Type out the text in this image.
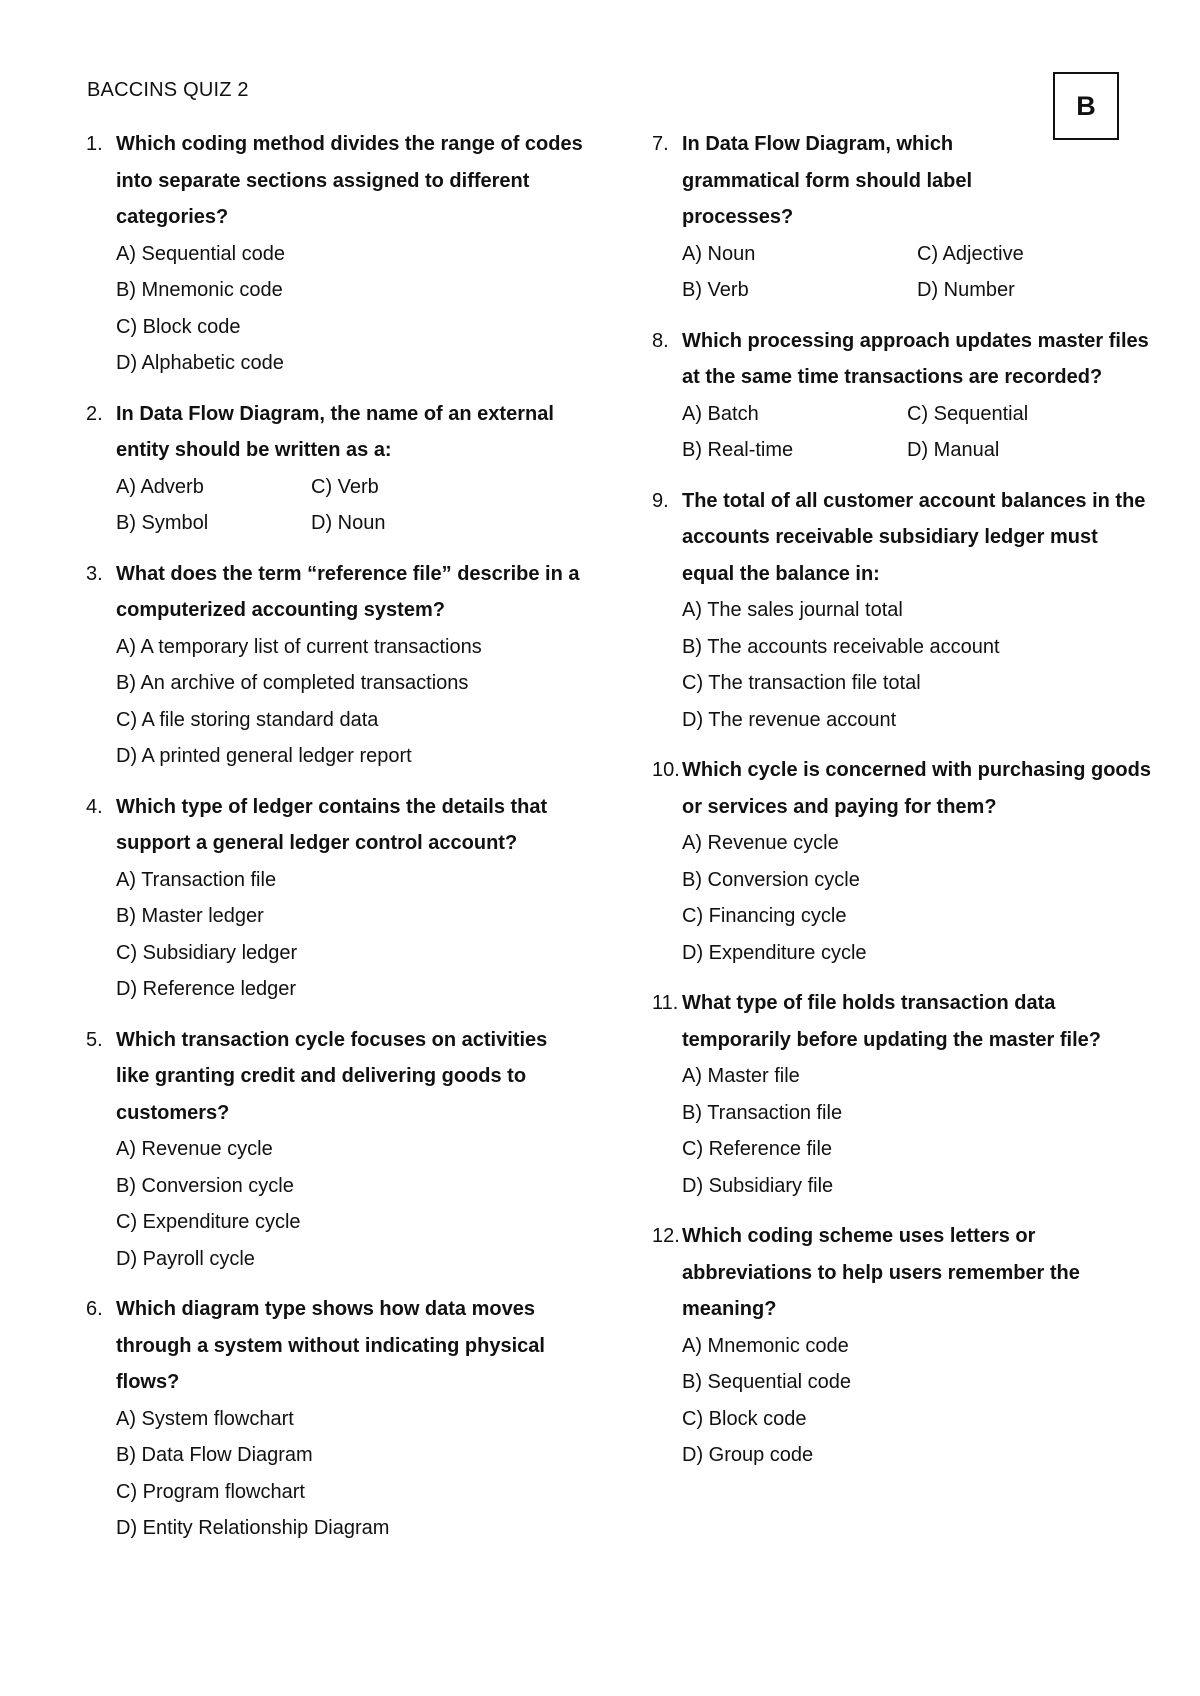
BACCINS QUIZ 2
B
1. Which coding method divides the range of codes into separate sections assigned to different categories?
A) Sequential code
B) Mnemonic code
C) Block code
D) Alphabetic code
2. In Data Flow Diagram, the name of an external entity should be written as a:
A) Adverb	C) Verb
B) Symbol	D) Noun
3. What does the term “reference file” describe in a computerized accounting system?
A) A temporary list of current transactions
B) An archive of completed transactions
C) A file storing standard data
D) A printed general ledger report
4. Which type of ledger contains the details that support a general ledger control account?
A) Transaction file
B) Master ledger
C) Subsidiary ledger
D) Reference ledger
5. Which transaction cycle focuses on activities like granting credit and delivering goods to customers?
A) Revenue cycle
B) Conversion cycle
C) Expenditure cycle
D) Payroll cycle
6. Which diagram type shows how data moves through a system without indicating physical flows?
A) System flowchart
B) Data Flow Diagram
C) Program flowchart
D) Entity Relationship Diagram
7. In Data Flow Diagram, which grammatical form should label processes?
A) Noun	C) Adjective
B) Verb	D) Number
8. Which processing approach updates master files at the same time transactions are recorded?
A) Batch	C) Sequential
B) Real-time	D) Manual
9. The total of all customer account balances in the accounts receivable subsidiary ledger must equal the balance in:
A) The sales journal total
B) The accounts receivable account
C) The transaction file total
D) The revenue account
10. Which cycle is concerned with purchasing goods or services and paying for them?
A) Revenue cycle
B) Conversion cycle
C) Financing cycle
D) Expenditure cycle
11. What type of file holds transaction data temporarily before updating the master file?
A) Master file
B) Transaction file
C) Reference file
D) Subsidiary file
12. Which coding scheme uses letters or abbreviations to help users remember the meaning?
A) Mnemonic code
B) Sequential code
C) Block code
D) Group code
